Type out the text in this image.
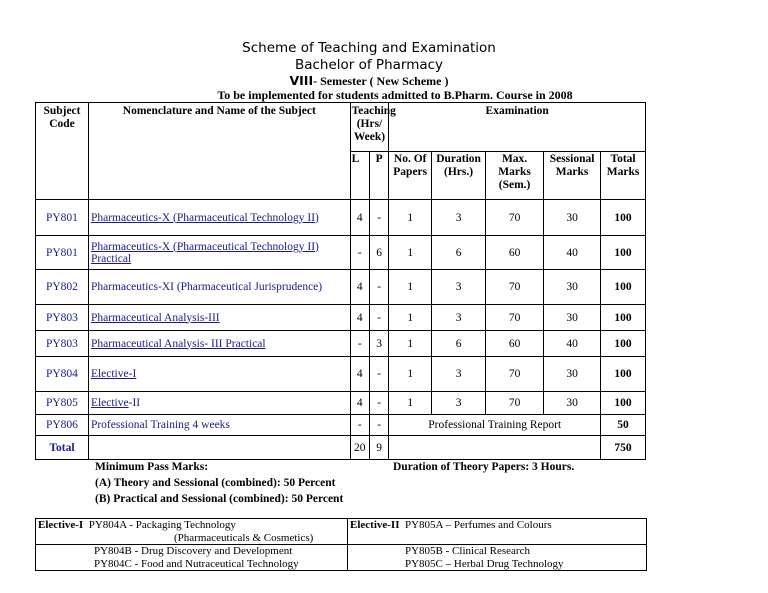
Scheme of Teaching and Examination
Bachelor of Pharmacy
VIII- Semester ( New Scheme )
To be implemented for students admitted to B.Pharm. Course in 2008
Subject Code	Nomenclature and Name of the Subject	Teaching (Hrs/ Week)		Examination				
		L	P	No. Of Papers	Duration (Hrs.)	Max. Marks (Sem.)	Sessional Marks	Total Marks
PY801	Pharmaceutics-X (Pharmaceutical Technology II)	4	-	1	3	70	30	100
PY801	Pharmaceutics-X (Pharmaceutical Technology II) Practical	-	6	1	6	60	40	100
PY802	Pharmaceutics-XI (Pharmaceutical Jurisprudence)	4	-	1	3	70	30	100
PY803	Pharmaceutical Analysis-III	4	-	1	3	70	30	100
PY803	Pharmaceutical Analysis- III Practical	-	3	1	6	60	40	100
PY804	Elective-I	4	-	1	3	70	30	100
PY805	Elective-II	4	-	1	3	70	30	100
PY806	Professional Training 4 weeks	-	-	Professional Training Report				50
Total		20	9					750
Minimum Pass Marks:	Duration of Theory Papers: 3 Hours.
(A) Theory and Sessional (combined): 50 Percent
(B) Practical and Sessional (combined): 50 Percent
Elective-I PY804A - Packaging Technology	Elective-II PY805A – Perfumes and Colours
(Pharmaceuticals & Cosmetics)	
PY804B - Drug Discovery and Development	PY805B - Clinical Research
PY804C - Food and Nutraceutical Technology	PY805C – Herbal Drug Technology
